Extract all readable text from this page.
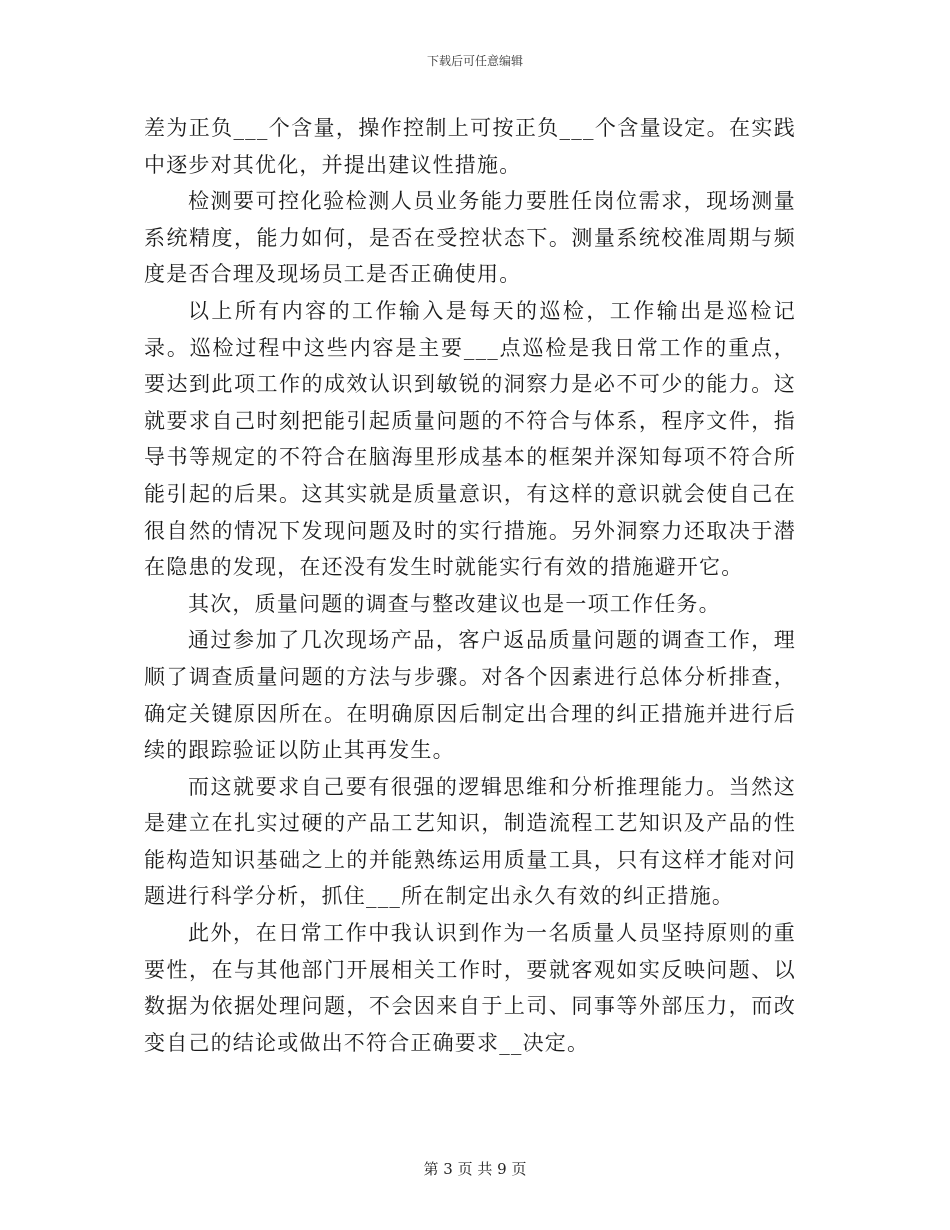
下载后可任意编辑

差为正负___个含量，操作控制上可按正负___个含量设定。在实践中逐步对其优化，并提出建议性措施。

检测要可控化验检测人员业务能力要胜任岗位需求，现场测量系统精度，能力如何，是否在受控状态下。测量系统校准周期与频度是否合理及现场员工是否正确使用。

以上所有内容的工作输入是每天的巡检，工作输出是巡检记录。巡检过程中这些内容是主要___点巡检是我日常工作的重点，要达到此项工作的成效认识到敏锐的洞察力是必不可少的能力。这就要求自己时刻把能引起质量问题的不符合与体系，程序文件，指导书等规定的不符合在脑海里形成基本的框架并深知每项不符合所能引起的后果。这其实就是质量意识，有这样的意识就会使自己在很自然的情况下发现问题及时的实行措施。另外洞察力还取决于潜在隐患的发现，在还没有发生时就能实行有效的措施避开它。

其次，质量问题的调查与整改建议也是一项工作任务。

通过参加了几次现场产品，客户返品质量问题的调查工作，理顺了调查质量问题的方法与步骤。对各个因素进行总体分析排查，确定关键原因所在。在明确原因后制定出合理的纠正措施并进行后续的跟踪验证以防止其再发生。

而这就要求自己要有很强的逻辑思维和分析推理能力。当然这是建立在扎实过硬的产品工艺知识，制造流程工艺知识及产品的性能构造知识基础之上的并能熟练运用质量工具，只有这样才能对问题进行科学分析，抓住___所在制定出永久有效的纠正措施。

此外，在日常工作中我认识到作为一名质量人员坚持原则的重要性，在与其他部门开展相关工作时，要就客观如实反映问题、以数据为依据处理问题，不会因来自于上司、同事等外部压力，而改变自己的结论或做出不符合正确要求__决定。

第 3 页 共 9 页
